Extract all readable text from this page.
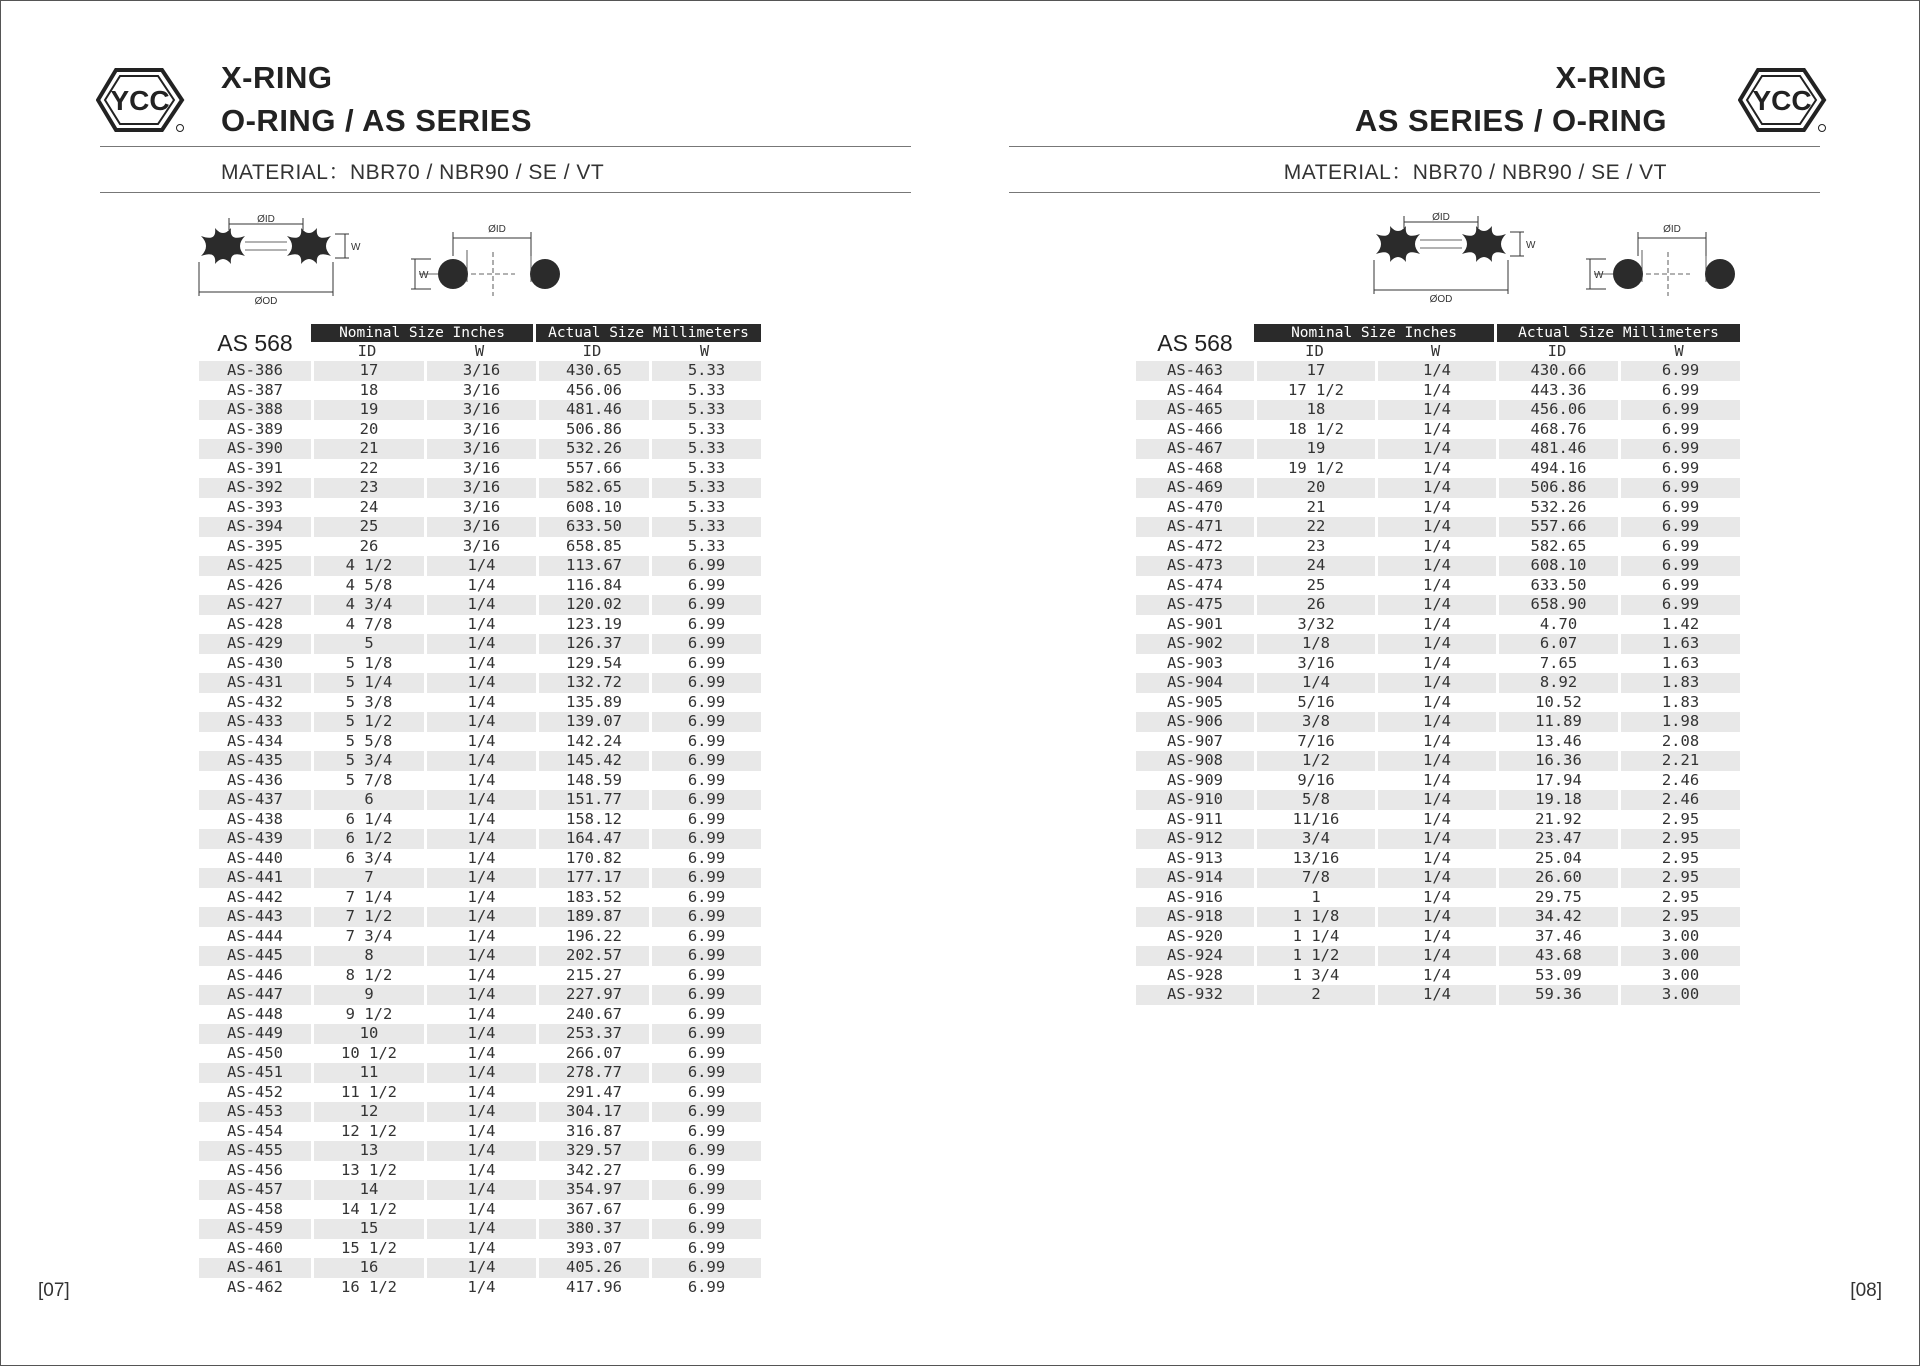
YCC
X-RING
O-RING / AS SERIES
MATERIAL：NBR70 / NBR90 / SE / VT
ØID
ØOD
W
ØID
W
AS 568	Nominal Size Inches	Actual Size Millimeters
ID	W	ID	W
AS-386	17	3/16	430.65	5.33
AS-387	18	3/16	456.06	5.33
AS-388	19	3/16	481.46	5.33
AS-389	20	3/16	506.86	5.33
AS-390	21	3/16	532.26	5.33
AS-391	22	3/16	557.66	5.33
AS-392	23	3/16	582.65	5.33
AS-393	24	3/16	608.10	5.33
AS-394	25	3/16	633.50	5.33
AS-395	26	3/16	658.85	5.33
AS-425	4 1/2	1/4	113.67	6.99
AS-426	4 5/8	1/4	116.84	6.99
AS-427	4 3/4	1/4	120.02	6.99
AS-428	4 7/8	1/4	123.19	6.99
AS-429	5	1/4	126.37	6.99
AS-430	5 1/8	1/4	129.54	6.99
AS-431	5 1/4	1/4	132.72	6.99
AS-432	5 3/8	1/4	135.89	6.99
AS-433	5 1/2	1/4	139.07	6.99
AS-434	5 5/8	1/4	142.24	6.99
AS-435	5 3/4	1/4	145.42	6.99
AS-436	5 7/8	1/4	148.59	6.99
AS-437	6	1/4	151.77	6.99
AS-438	6 1/4	1/4	158.12	6.99
AS-439	6 1/2	1/4	164.47	6.99
AS-440	6 3/4	1/4	170.82	6.99
AS-441	7	1/4	177.17	6.99
AS-442	7 1/4	1/4	183.52	6.99
AS-443	7 1/2	1/4	189.87	6.99
AS-444	7 3/4	1/4	196.22	6.99
AS-445	8	1/4	202.57	6.99
AS-446	8 1/2	1/4	215.27	6.99
AS-447	9	1/4	227.97	6.99
AS-448	9 1/2	1/4	240.67	6.99
AS-449	10	1/4	253.37	6.99
AS-450	10 1/2	1/4	266.07	6.99
AS-451	11	1/4	278.77	6.99
AS-452	11 1/2	1/4	291.47	6.99
AS-453	12	1/4	304.17	6.99
AS-454	12 1/2	1/4	316.87	6.99
AS-455	13	1/4	329.57	6.99
AS-456	13 1/2	1/4	342.27	6.99
AS-457	14	1/4	354.97	6.99
AS-458	14 1/2	1/4	367.67	6.99
AS-459	15	1/4	380.37	6.99
AS-460	15 1/2	1/4	393.07	6.99
AS-461	16	1/4	405.26	6.99
AS-462	16 1/2	1/4	417.96	6.99
[07]
YCC
X-RING
AS SERIES / O-RING
MATERIAL：NBR70 / NBR90 / SE / VT
ØID
ØOD
W
ØID
W
AS 568	Nominal Size Inches	Actual Size Millimeters
ID	W	ID	W
AS-463	17	1/4	430.66	6.99
AS-464	17 1/2	1/4	443.36	6.99
AS-465	18	1/4	456.06	6.99
AS-466	18 1/2	1/4	468.76	6.99
AS-467	19	1/4	481.46	6.99
AS-468	19 1/2	1/4	494.16	6.99
AS-469	20	1/4	506.86	6.99
AS-470	21	1/4	532.26	6.99
AS-471	22	1/4	557.66	6.99
AS-472	23	1/4	582.65	6.99
AS-473	24	1/4	608.10	6.99
AS-474	25	1/4	633.50	6.99
AS-475	26	1/4	658.90	6.99
AS-901	3/32	1/4	4.70	1.42
AS-902	1/8	1/4	6.07	1.63
AS-903	3/16	1/4	7.65	1.63
AS-904	1/4	1/4	8.92	1.83
AS-905	5/16	1/4	10.52	1.83
AS-906	3/8	1/4	11.89	1.98
AS-907	7/16	1/4	13.46	2.08
AS-908	1/2	1/4	16.36	2.21
AS-909	9/16	1/4	17.94	2.46
AS-910	5/8	1/4	19.18	2.46
AS-911	11/16	1/4	21.92	2.95
AS-912	3/4	1/4	23.47	2.95
AS-913	13/16	1/4	25.04	2.95
AS-914	7/8	1/4	26.60	2.95
AS-916	1	1/4	29.75	2.95
AS-918	1 1/8	1/4	34.42	2.95
AS-920	1 1/4	1/4	37.46	3.00
AS-924	1 1/2	1/4	43.68	3.00
AS-928	1 3/4	1/4	53.09	3.00
AS-932	2	1/4	59.36	3.00
[08]
